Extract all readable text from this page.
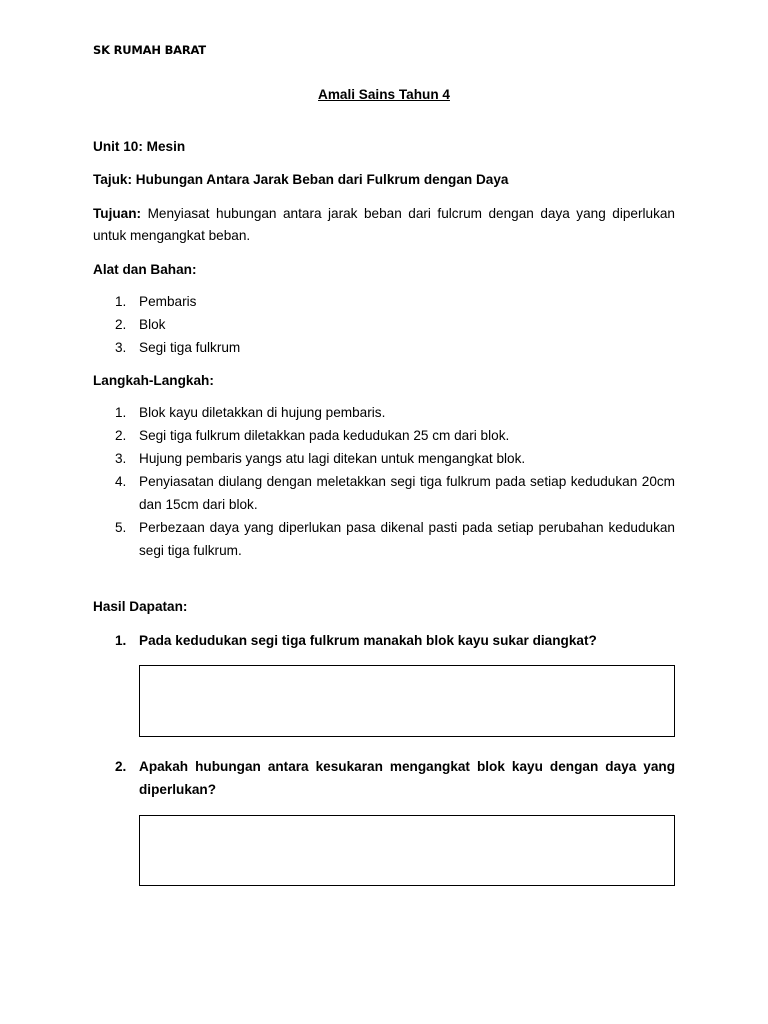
SK RUMAH BARAT

Amali Sains Tahun 4

Unit 10: Mesin

Tajuk: Hubungan Antara Jarak Beban dari Fulkrum dengan Daya

Tujuan: Menyiasat hubungan antara jarak beban dari fulcrum dengan daya yang diperlukan untuk mengangkat beban.

Alat dan Bahan:

1. Pembaris
2. Blok
3. Segi tiga fulkrum

Langkah-Langkah:

1. Blok kayu diletakkan di hujung pembaris.
2. Segi tiga fulkrum diletakkan pada kedudukan 25 cm dari blok.
3. Hujung pembaris yangs atu lagi ditekan untuk mengangkat blok.
4. Penyiasatan diulang dengan meletakkan segi tiga fulkrum pada setiap kedudukan 20cm dan 15cm dari blok.
5. Perbezaan daya yang diperlukan pasa dikenal pasti pada setiap perubahan kedudukan segi tiga fulkrum.

Hasil Dapatan:

1. Pada kedudukan segi tiga fulkrum manakah blok kayu sukar diangkat?
2. Apakah hubungan antara kesukaran mengangkat blok kayu dengan daya yang diperlukan?
